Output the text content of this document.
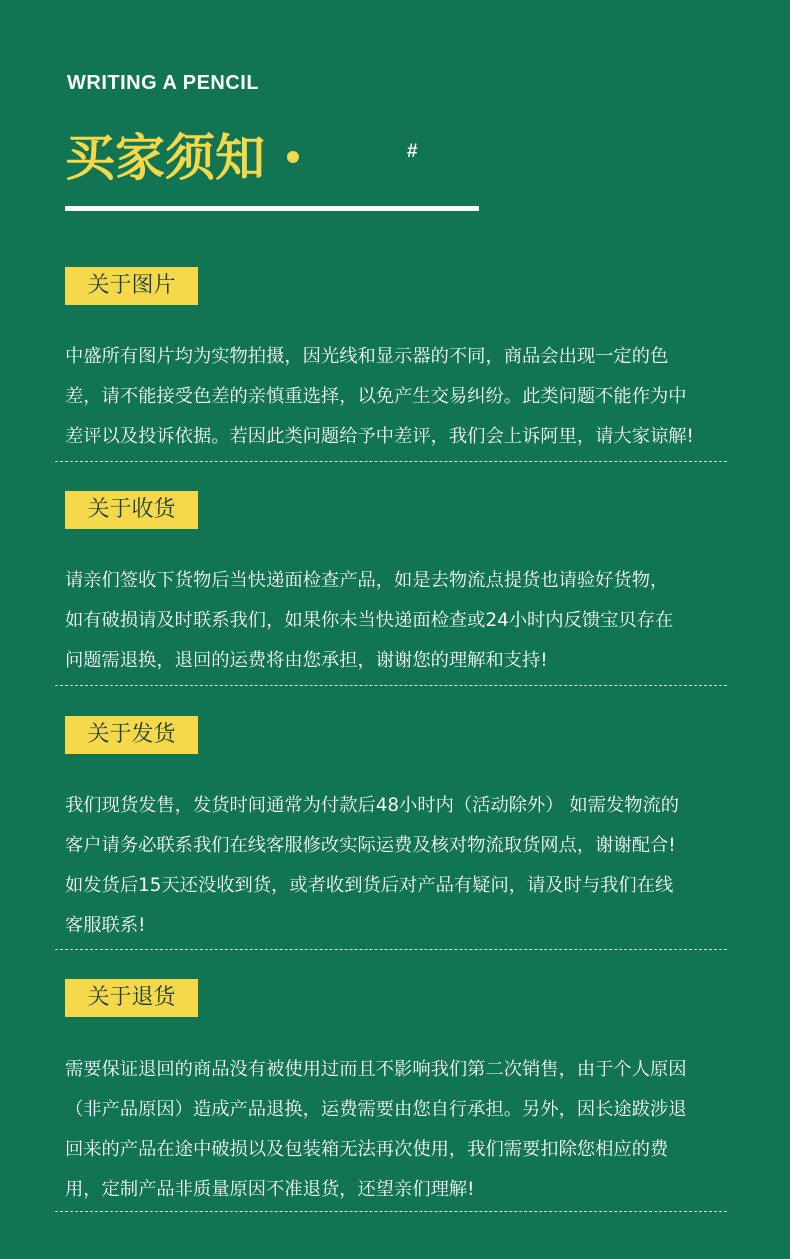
WRITING A PENCIL
买家须知	#
关于图片
中盛所有图片均为实物拍摄，因光线和显示器的不同，商品会出现一定的色
差，请不能接受色差的亲慎重选择，以免产生交易纠纷。此类问题不能作为中
差评以及投诉依据。若因此类问题给予中差评，我们会上诉阿里，请大家谅解!
关于收货
请亲们签收下货物后当快递面检查产品，如是去物流点提货也请验好货物，
如有破损请及时联系我们，如果你未当快递面检查或24小时内反馈宝贝存在
问题需退换，退回的运费将由您承担，谢谢您的理解和支持!
关于发货
我们现货发售，发货时间通常为付款后48小时内（活动除外） 如需发物流的
客户请务必联系我们在线客服修改实际运费及核对物流取货网点，谢谢配合!
如发货后15天还没收到货，或者收到货后对产品有疑问，请及时与我们在线
客服联系!
关于退货
需要保证退回的商品没有被使用过而且不影响我们第二次销售，由于个人原因
（非产品原因）造成产品退换，运费需要由您自行承担。另外，因长途跋涉退
回来的产品在途中破损以及包装箱无法再次使用，我们需要扣除您相应的费
用，定制产品非质量原因不准退货，还望亲们理解!
